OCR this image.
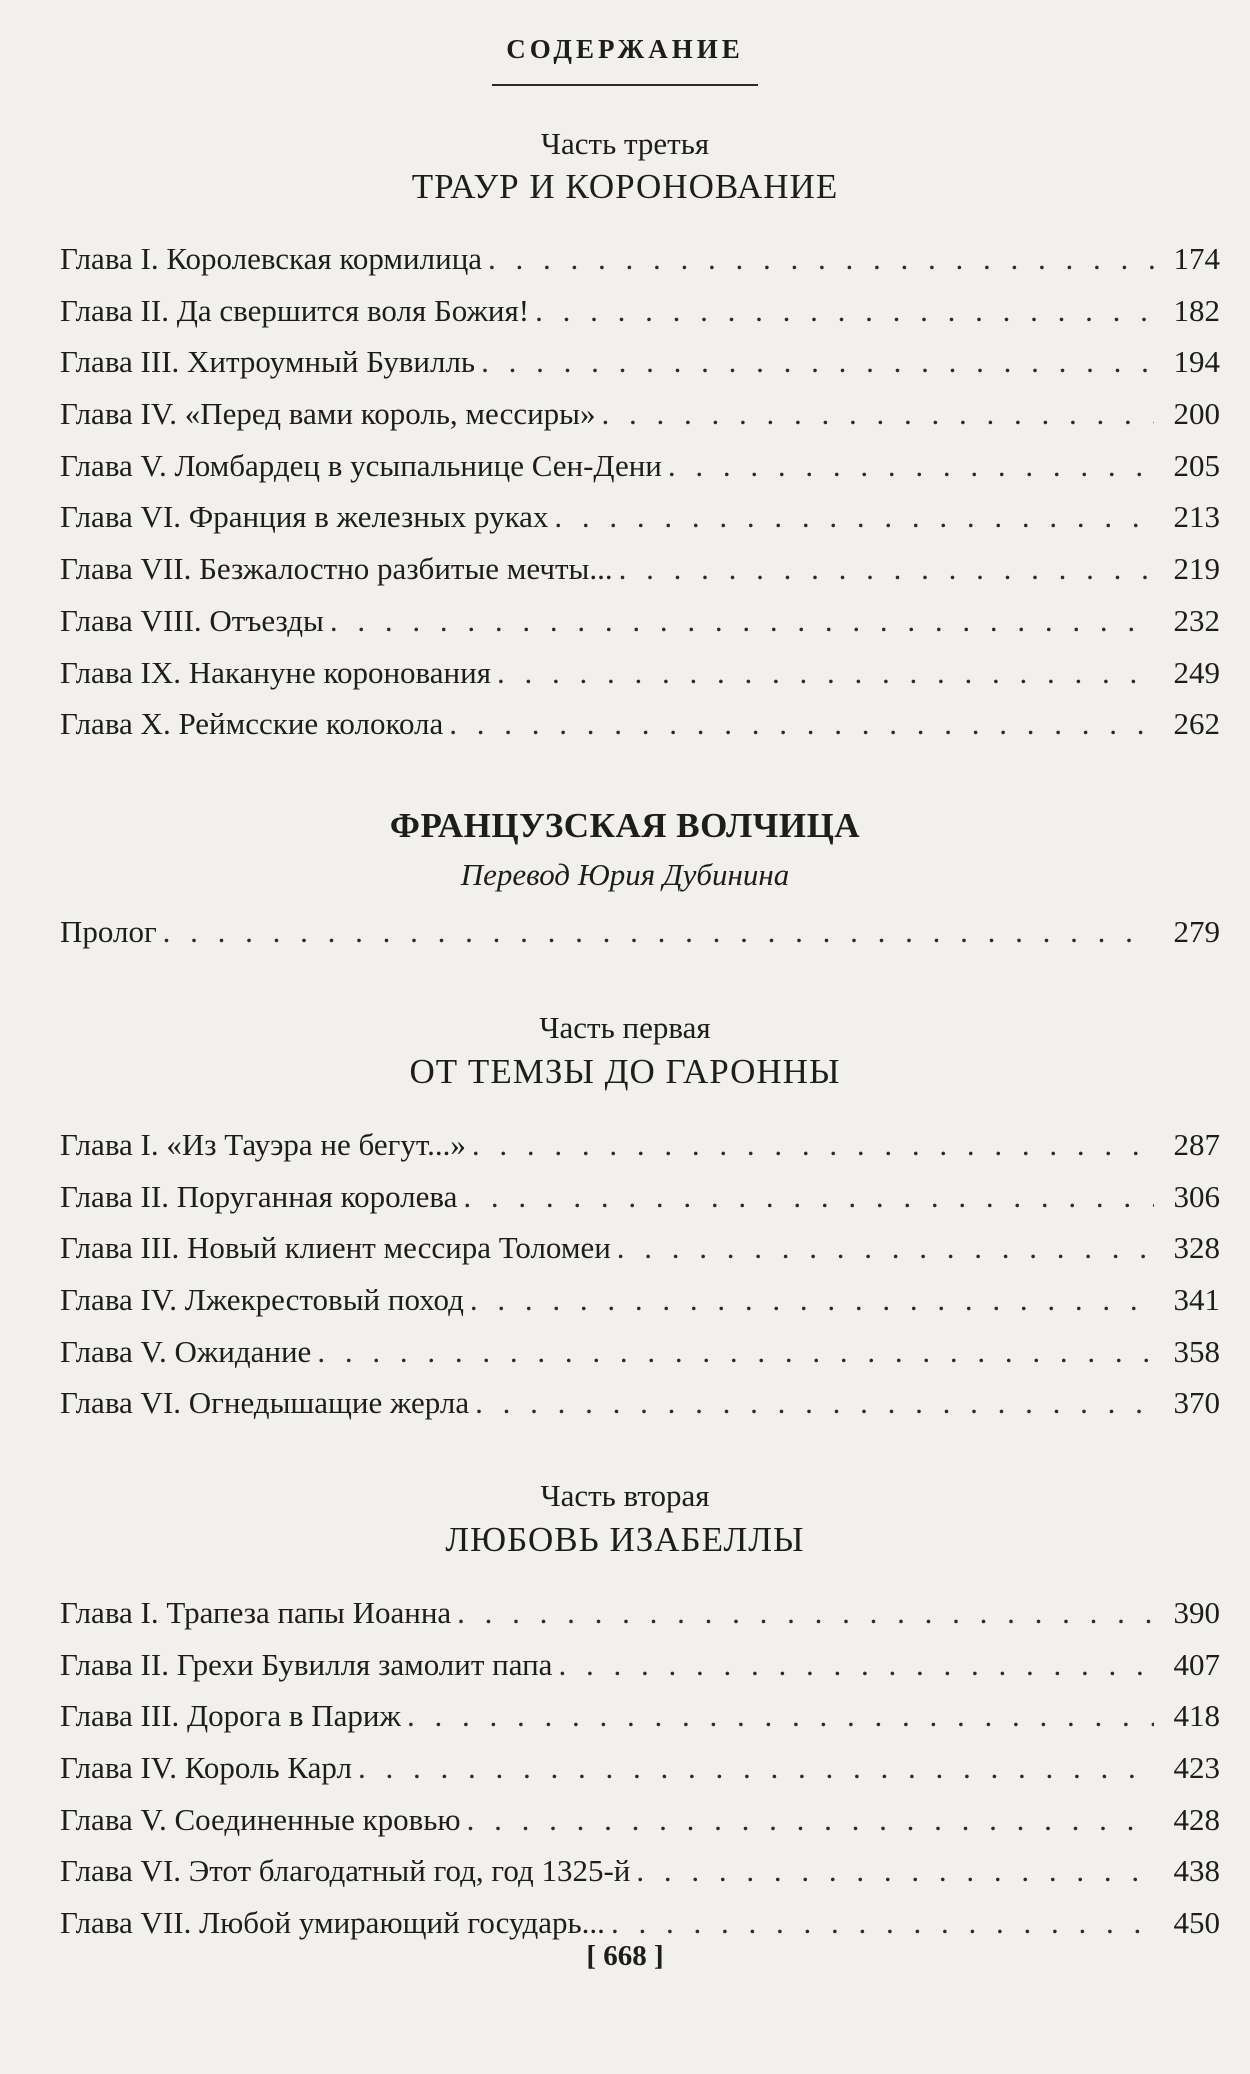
СОДЕРЖАНИЕ
Часть третья
ТРАУР И КОРОНОВАНИЕ
Глава I. Королевская кормилица . . .	174
Глава II. Да свершится воля Божия! . . .	182
Глава III. Хитроумный Бувилль . . .	194
Глава IV. «Перед вами король, мессиры» . . .	200
Глава V. Ломбардец в усыпальнице Сен-Дени . . .	205
Глава VI. Франция в железных руках . . .	213
Глава VII. Безжалостно разбитые мечты... . . .	219
Глава VIII. Отъезды . . .	232
Глава IX. Накануне коронования . . .	249
Глава X. Реймсские колокола . . .	262
ФРАНЦУЗСКАЯ ВОЛЧИЦА
Перевод Юрия Дубинина
Пролог . . .	279
Часть первая
ОТ ТЕМЗЫ ДО ГАРОННЫ
Глава I. «Из Тауэра не бегут...» . . .	287
Глава II. Поруганная королева . . .	306
Глава III. Новый клиент мессира Толомеи . . .	328
Глава IV. Лжекрестовый поход . . .	341
Глава V. Ожидание . . .	358
Глава VI. Огнедышащие жерла . . .	370
Часть вторая
ЛЮБОВЬ ИЗАБЕЛЛЫ
Глава I. Трапеза папы Иоанна . . .	390
Глава II. Грехи Бувилля замолит папа . . .	407
Глава III. Дорога в Париж . . .	418
Глава IV. Король Карл . . .	423
Глава V. Соединенные кровью . . .	428
Глава VI. Этот благодатный год, год 1325-й . . .	438
Глава VII. Любой умирающий государь... . . .	450
[ 668 ]
